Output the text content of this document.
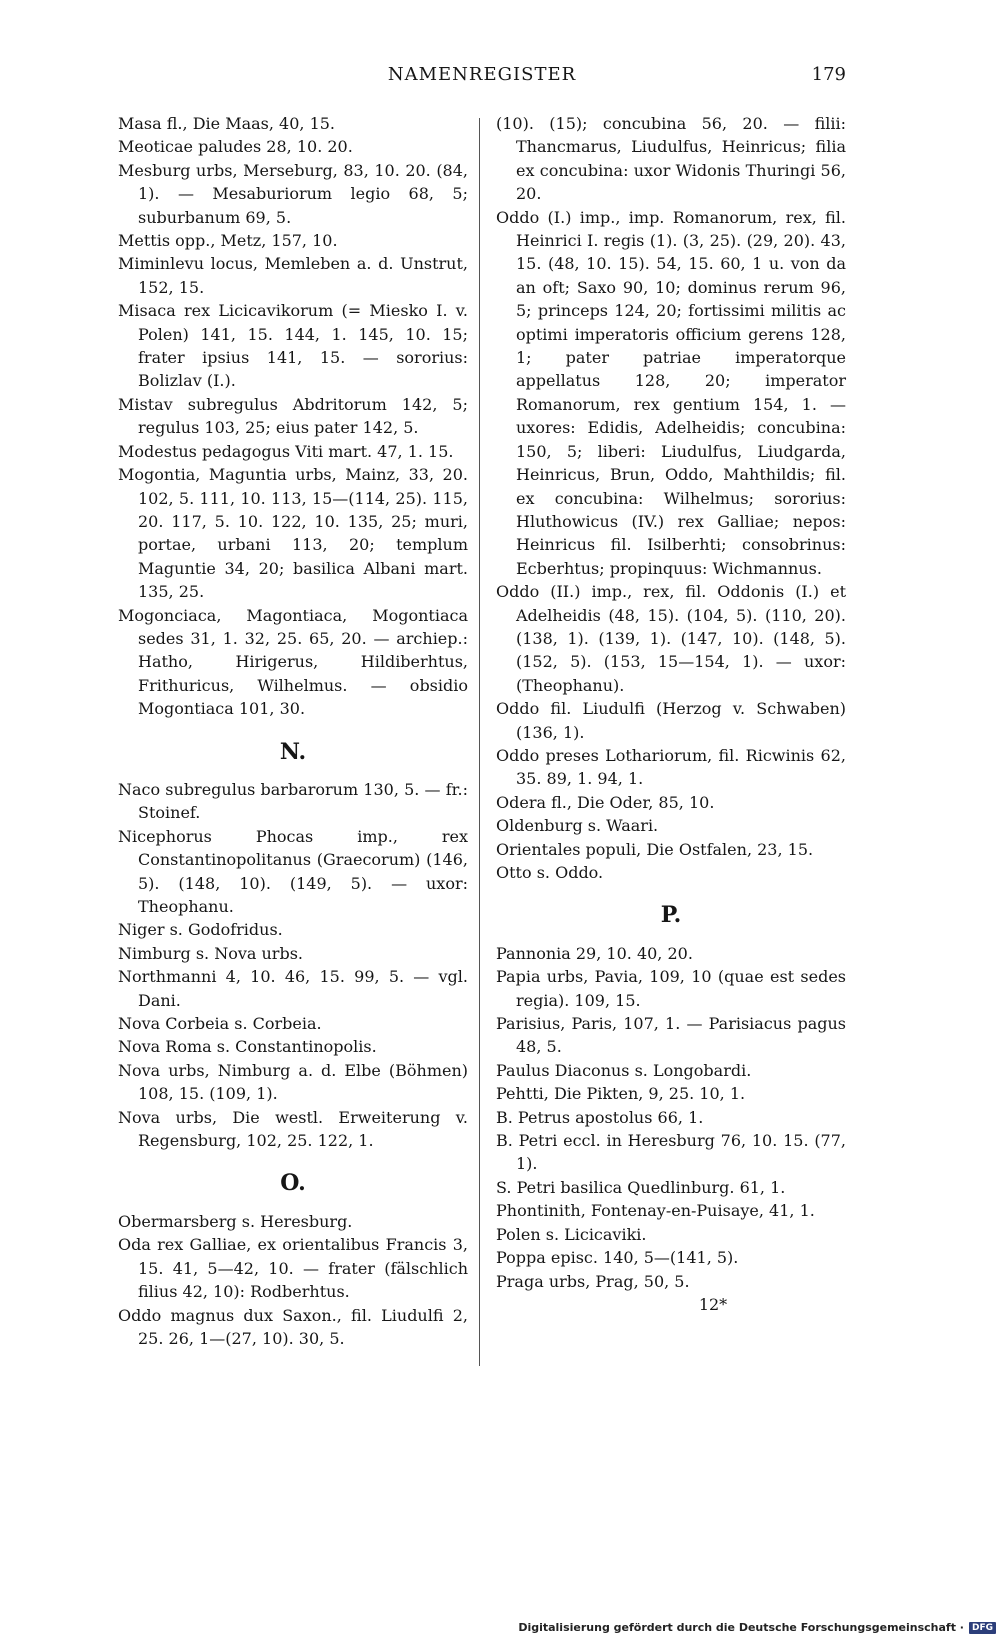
NAMENREGISTER	179

Masa fl., Die Maas, 40, 15.

Meoticae paludes 28, 10. 20.

Mesburg urbs, Merseburg, 83, 10. 20. (84, 1). — Mesaburiorum legio 68, 5; suburbanum 69, 5.

Mettis opp., Metz, 157, 10.

Miminlevu locus, Memleben a. d. Unstrut, 152, 15.

Misaca rex Licicavikorum (= Miesko I. v. Polen) 141, 15. 144, 1. 145, 10. 15; frater ipsius 141, 15. — sororius: Bolizlav (I.).

Mistav subregulus Abdritorum 142, 5; regulus 103, 25; eius pater 142, 5.

Modestus pedagogus Viti mart. 47, 1. 15.

Mogontia, Maguntia urbs, Mainz, 33, 20. 102, 5. 111, 10. 113, 15—(114, 25). 115, 20. 117, 5. 10. 122, 10. 135, 25; muri, portae, urbani 113, 20; templum Maguntie 34, 20; basilica Albani mart. 135, 25.

Mogonciaca, Magontiaca, Mogontiaca sedes 31, 1. 32, 25. 65, 20. — archiep.: Hatho, Hirigerus, Hildiberhtus, Frithuricus, Wilhelmus. — obsidio Mogontiaca 101, 30.

N.

Naco subregulus barbarorum 130, 5. — fr.: Stoinef.

Nicephorus Phocas imp., rex Constantinopolitanus (Graecorum) (146, 5). (148, 10). (149, 5). — uxor: Theophanu.

Niger s. Godofridus.

Nimburg s. Nova urbs.

Northmanni 4, 10. 46, 15. 99, 5. — vgl. Dani.

Nova Corbeia s. Corbeia.

Nova Roma s. Constantinopolis.

Nova urbs, Nimburg a. d. Elbe (Böhmen) 108, 15. (109, 1).

Nova urbs, Die westl. Erweiterung v. Regensburg, 102, 25. 122, 1.

O.

Obermarsberg s. Heresburg.

Oda rex Galliae, ex orientalibus Francis 3, 15. 41, 5—42, 10. — frater (fälschlich filius 42, 10): Rodberhtus.

Oddo magnus dux Saxon., fil. Liudulfi 2, 25. 26, 1—(27, 10). 30, 5.

(10). (15); concubina 56, 20. — filii: Thancmarus, Liudulfus, Heinricus; filia ex concubina: uxor Widonis Thuringi 56, 20.

Oddo (I.) imp., imp. Romanorum, rex, fil. Heinrici I. regis (1). (3, 25). (29, 20). 43, 15. (48, 10. 15). 54, 15. 60, 1 u. von da an oft; Saxo 90, 10; dominus rerum 96, 5; princeps 124, 20; fortissimi militis ac optimi imperatoris officium gerens 128, 1; pater patriae imperatorque appellatus 128, 20; imperator Romanorum, rex gentium 154, 1. — uxores: Edidis, Adelheidis; concubina: 150, 5; liberi: Liudulfus, Liudgarda, Heinricus, Brun, Oddo, Mahthildis; fil. ex concubina: Wilhelmus; sororius: Hluthowicus (IV.) rex Galliae; nepos: Heinricus fil. Isilberhti; consobrinus: Ecberhtus; propinquus: Wichmannus.

Oddo (II.) imp., rex, fil. Oddonis (I.) et Adelheidis (48, 15). (104, 5). (110, 20). (138, 1). (139, 1). (147, 10). (148, 5). (152, 5). (153, 15—154, 1). — uxor: (Theophanu).

Oddo fil. Liudulfi (Herzog v. Schwaben) (136, 1).

Oddo preses Lothariorum, fil. Ricwinis 62, 35. 89, 1. 94, 1.

Odera fl., Die Oder, 85, 10.

Oldenburg s. Waari.

Orientales populi, Die Ostfalen, 23, 15.

Otto s. Oddo.

P.

Pannonia 29, 10. 40, 20.

Papia urbs, Pavia, 109, 10 (quae est sedes regia). 109, 15.

Parisius, Paris, 107, 1. — Parisiacus pagus 48, 5.

Paulus Diaconus s. Longobardi.

Pehtti, Die Pikten, 9, 25. 10, 1.

B. Petrus apostolus 66, 1.

B. Petri eccl. in Heresburg 76, 10. 15. (77, 1).

S. Petri basilica Quedlinburg. 61, 1.

Phontinith, Fontenay-en-Puisaye, 41, 1.

Polen s. Licicaviki.

Poppa episc. 140, 5—(141, 5).

Praga urbs, Prag, 50, 5.

12*

Digitalisierung gefördert durch die Deutsche Forschungsgemeinschaft · DFG
